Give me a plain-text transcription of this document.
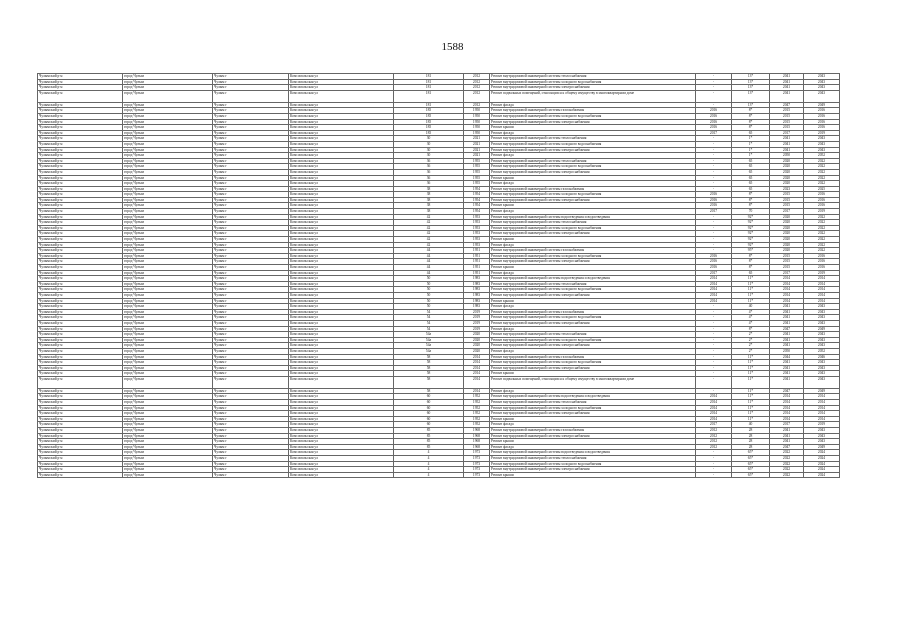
1588
Чулымский р-н	город Чулым	Чулым г	Комсомольская ул	181	2012	Ремонт внутридомовой инженерной системы теплоснабжения	-	13*	2041	2043
Чулымский р-н	город Чулым	Чулым г	Комсомольская ул	181	2012	Ремонт внутридомовой инженерной системы холодного водоснабжения	-	13*	2041	2043
Чулымский р-н	город Чулым	Чулым г	Комсомольская ул	181	2012	Ремонт внутридомовой инженерной системы электроснабжения	-	13*	2041	2043
Чулымский р-н	город Чулым	Чулым г	Комсомольская ул	181	2012	Ремонт подвальных помещений, относящихся к общему имуществу в многоквартирном доме	-	13*	2041	2043
Чулымский р-н	город Чулым	Чулым г	Комсомольская ул	181	2012	Ремонт фасада	-	13*	2047	2049
Чулымский р-н	город Чулым	Чулым г	Комсомольская ул	185	1950	Ремонт внутридомовой инженерной системы газоснабжения	2016	8*	2015	2016
Чулымский р-н	город Чулым	Чулым г	Комсомольская ул	185	1950	Ремонт внутридомовой инженерной системы холодного водоснабжения	2016	8*	2015	2016
Чулымский р-н	город Чулым	Чулым г	Комсомольская ул	185	1950	Ремонт внутридомовой инженерной системы электроснабжения	2016	8*	2015	2016
Чулымский р-н	город Чулым	Чулым г	Комсомольская ул	185	1950	Ремонт крыши	2016	8*	2015	2016
Чулымский р-н	город Чулым	Чулым г	Комсомольская ул	185	1950	Ремонт фасада	2017	65	2017	2019
Чулымский р-н	город Чулым	Чулым г	Комсомольская ул	30	2021	Ремонт внутридомовой инженерной системы теплоснабжения	-	1*	2041	2043
Чулымский р-н	город Чулым	Чулым г	Комсомольская ул	30	2021	Ремонт внутридомовой инженерной системы холодного водоснабжения	-	1*	2041	2043
Чулымский р-н	город Чулым	Чулым г	Комсомольская ул	30	2021	Ремонт внутридомовой инженерной системы электроснабжения	-	1*	2041	2043
Чулымский р-н	город Чулым	Чулым г	Комсомольская ул	30	2021	Ремонт фасада	-	1*	2050	2052
Чулымский р-н	город Чулым	Чулым г	Комсомольская ул	36	1955	Ремонт внутридомовой инженерной системы теплоснабжения	-	65	2020	2022
Чулымский р-н	город Чулым	Чулым г	Комсомольская ул	36	1955	Ремонт внутридомовой инженерной системы холодного водоснабжения	-	65	2020	2022
Чулымский р-н	город Чулым	Чулым г	Комсомольская ул	36	1955	Ремонт внутридомовой инженерной системы электроснабжения	-	65	2020	2022
Чулымский р-н	город Чулым	Чулым г	Комсомольская ул	36	1955	Ремонт крыши	-	65	2020	2022
Чулымский р-н	город Чулым	Чулым г	Комсомольская ул	36	1955	Ремонт фасада	-	65	2020	2022
Чулымский р-н	город Чулым	Чулым г	Комсомольская ул	38	1954	Ремонт внутридомовой инженерной системы газоснабжения	-	65	2023	2025
Чулымский р-н	город Чулым	Чулым г	Комсомольская ул	38	1954	Ремонт внутридомовой инженерной системы холодного водоснабжения	2016	8*	2015	2016
Чулымский р-н	город Чулым	Чулым г	Комсомольская ул	38	1954	Ремонт внутридомовой инженерной системы электроснабжения	2016	8*	2015	2016
Чулымский р-н	город Чулым	Чулым г	Комсомольская ул	38	1954	Ремонт крыши	2016	8*	2015	2016
Чулымский р-н	город Чулым	Чулым г	Комсомольская ул	38	1954	Ремонт фасада	2017	70	2017	2019
Чулымский р-н	город Чулым	Чулым г	Комсомольская ул	42	1953	Ремонт внутридомовой инженерной системы водоотведения и водоотведения	-	92*	2020	2022
Чулымский р-н	город Чулым	Чулым г	Комсомольская ул	42	1953	Ремонт внутридомовой инженерной системы теплоснабжения	-	92*	2020	2022
Чулымский р-н	город Чулым	Чулым г	Комсомольская ул	42	1953	Ремонт внутридомовой инженерной системы холодного водоснабжения	-	92*	2020	2022
Чулымский р-н	город Чулым	Чулым г	Комсомольская ул	42	1953	Ремонт внутридомовой инженерной системы электроснабжения	-	92*	2020	2022
Чулымский р-н	город Чулым	Чулым г	Комсомольская ул	42	1953	Ремонт крыши	-	92*	2020	2022
Чулымский р-н	город Чулым	Чулым г	Комсомольская ул	42	1953	Ремонт фасада	-	92*	2020	2022
Чулымский р-н	город Чулым	Чулым г	Комсомольская ул	44	1951	Ремонт внутридомовой инженерной системы газоснабжения	-	95*	2020	2022
Чулымский р-н	город Чулым	Чулым г	Комсомольская ул	44	1951	Ремонт внутридомовой инженерной системы холодного водоснабжения	2016	8*	2015	2016
Чулымский р-н	город Чулым	Чулым г	Комсомольская ул	44	1951	Ремонт внутридомовой инженерной системы электроснабжения	2016	8*	2015	2016
Чулымский р-н	город Чулым	Чулым г	Комсомольская ул	44	1951	Ремонт крыши	2016	8*	2015	2016
Чулымский р-н	город Чулым	Чулым г	Комсомольская ул	44	1951	Ремонт фасада	2017	65	2017	2019
Чулымский р-н	город Чулым	Чулым г	Комсомольская ул	50	1983	Ремонт внутридомовой инженерной системы водоотведения и водоотведения	2014	11*	2014	2014
Чулымский р-н	город Чулым	Чулым г	Комсомольская ул	50	1983	Ремонт внутридомовой инженерной системы теплоснабжения	2014	11*	2014	2014
Чулымский р-н	город Чулым	Чулым г	Комсомольская ул	50	1983	Ремонт внутридомовой инженерной системы холодного водоснабжения	2014	11*	2014	2014
Чулымский р-н	город Чулым	Чулым г	Комсомольская ул	50	1983	Ремонт внутридомовой инженерной системы электроснабжения	2014	11*	2014	2014
Чулымский р-н	город Чулым	Чулым г	Комсомольская ул	50	1983	Ремонт крыши	2014	11*	2014	2014
Чулымский р-н	город Чулым	Чулым г	Комсомольская ул	50	1983	Ремонт фасада	-	40	2041	2043
Чулымский р-н	город Чулым	Чулым г	Комсомольская ул	54	2019	Ремонт внутридомовой инженерной системы газоснабжения	-	4*	2041	2043
Чулымский р-н	город Чулым	Чулым г	Комсомольская ул	54	2019	Ремонт внутридомовой инженерной системы холодного водоснабжения	-	4*	2041	2043
Чулымский р-н	город Чулым	Чулым г	Комсомольская ул	54	2019	Ремонт внутридомовой инженерной системы электроснабжения	-	4*	2041	2043
Чулымский р-н	город Чулым	Чулым г	Комсомольская ул	54	2019	Ремонт фасада	-	8*	2047	2049
Чулымский р-н	город Чулым	Чулым г	Комсомольская ул	54а	2020	Ремонт внутридомовой инженерной системы теплоснабжения	-	2*	2041	2043
Чулымский р-н	город Чулым	Чулым г	Комсомольская ул	54а	2020	Ремонт внутридомовой инженерной системы холодного водоснабжения	-	2*	2041	2043
Чулымский р-н	город Чулым	Чулым г	Комсомольская ул	54а	2020	Ремонт внутридомовой инженерной системы электроснабжения	-	2*	2041	2043
Чулымский р-н	город Чулым	Чулым г	Комсомольская ул	54а	2020	Ремонт фасада	-	2*	2050	2052
Чулымский р-н	город Чулым	Чулым г	Комсомольская ул	58	2014	Ремонт внутридомовой инженерной системы газоснабжения	-	11*	2044	2046
Чулымский р-н	город Чулым	Чулым г	Комсомольская ул	58	2014	Ремонт внутридомовой инженерной системы холодного водоснабжения	-	11*	2041	2043
Чулымский р-н	город Чулым	Чулым г	Комсомольская ул	58	2014	Ремонт внутридомовой инженерной системы электроснабжения	-	11*	2041	2043
Чулымский р-н	город Чулым	Чулым г	Комсомольская ул	58	2014	Ремонт крыши	-	11*	2041	2043
Чулымский р-н	город Чулым	Чулым г	Комсомольская ул	58	2014	Ремонт подвальных помещений, относящихся к общему имуществу в многоквартирном доме	-	11*	2041	2043
Чулымский р-н	город Чулым	Чулым г	Комсомольская ул	58	2014	Ремонт фасада	-	11*	2047	2049
Чулымский р-н	город Чулым	Чулым г	Комсомольская ул	60	1952	Ремонт внутридомовой инженерной системы водоотведения и водоотведения	2014	11*	2014	2014
Чулымский р-н	город Чулым	Чулым г	Комсомольская ул	60	1952	Ремонт внутридомовой инженерной системы теплоснабжения	2014	11*	2014	2014
Чулымский р-н	город Чулым	Чулым г	Комсомольская ул	60	1952	Ремонт внутридомовой инженерной системы холодного водоснабжения	2014	11*	2014	2014
Чулымский р-н	город Чулым	Чулым г	Комсомольская ул	60	1952	Ремонт внутридомовой инженерной системы электроснабжения	2014	11*	2014	2014
Чулымский р-н	город Чулым	Чулым г	Комсомольская ул	60	1952	Ремонт крыши	2014	11*	2014	2014
Чулымский р-н	город Чулым	Чулым г	Комсомольская ул	60	1952	Ремонт фасада	2017	40	2017	2019
Чулымский р-н	город Чулым	Чулым г	Комсомольская ул	85	1968	Ремонт внутридомовой инженерной системы газоснабжения	2012	28	2041	2043
Чулымский р-н	город Чулым	Чулым г	Комсомольская ул	85	1968	Ремонт внутридомовой инженерной системы электроснабжения	2012	28	2041	2043
Чулымский р-н	город Чулым	Чулым г	Комсомольская ул	85	1968	Ремонт крыши	2012	28	2041	2043
Чулымский р-н	город Чулым	Чулым г	Комсомольская ул	85	1968	Ремонт фасада	2012	28	2047	2049
Чулымский р-н	город Чулым	Чулым г	Комсомольская ул	4	1973	Ремонт внутридомовой инженерной системы водоотведения и водоотведения	-	65*	2022	2024
Чулымский р-н	город Чулым	Чулым г	Комсомольская ул	4	1973	Ремонт внутридомовой инженерной системы теплоснабжения	-	65*	2022	2024
Чулымский р-н	город Чулым	Чулым г	Комсомольская ул	4	1973	Ремонт внутридомовой инженерной системы холодного водоснабжения	-	65*	2022	2024
Чулымский р-н	город Чулым	Чулым г	Комсомольская ул	4	1973	Ремонт внутридомовой инженерной системы электроснабжения	-	65*	2022	2024
Чулымский р-н	город Чулым	Чулым г	Комсомольская ул	4	1973	Ремонт крыши	-	65*	2022	2024
